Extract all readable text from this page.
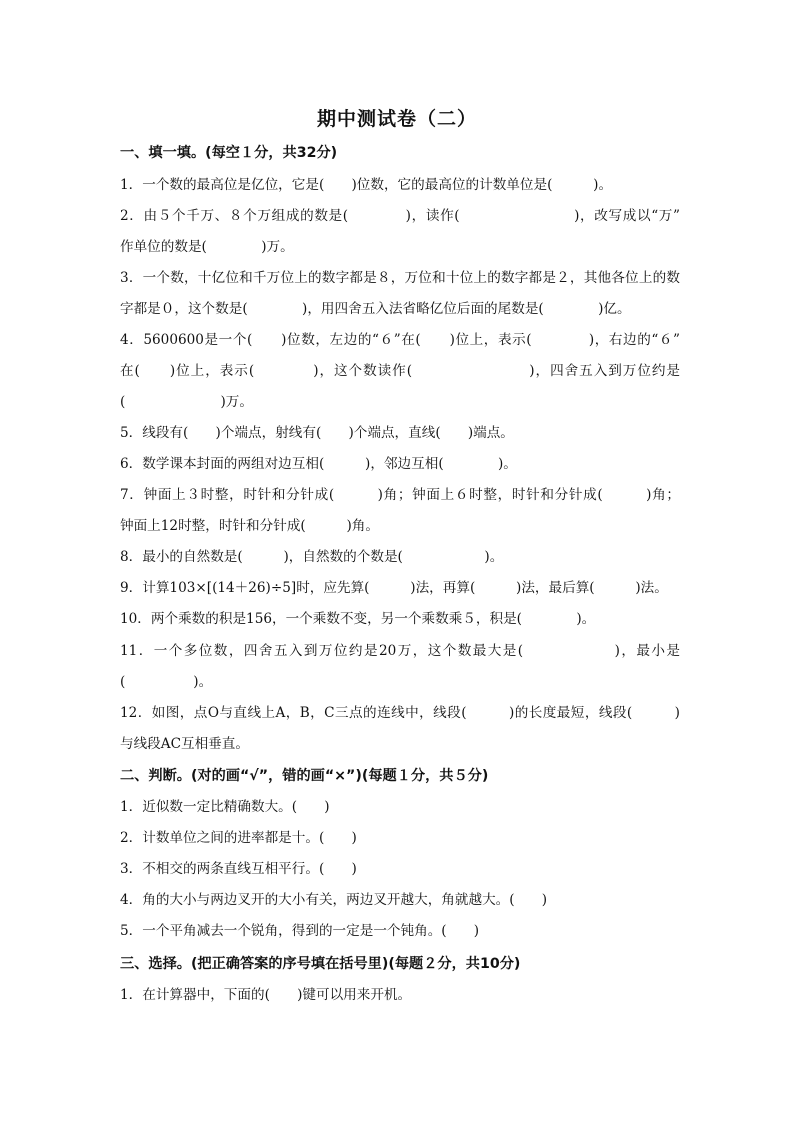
期中测试卷（二）
一、填一填。(每空１分，共32分)
1．一个数的最高位是亿位，它是(　　)位数，它的最高位的计数单位是(　　　)。
2．由５个千万、８个万组成的数是(　　　　)，读作(　　　　　　　　)，改写成以“万”
作单位的数是(　　　　)万。
3．一个数，十亿位和千万位上的数字都是８，万位和十位上的数字都是２，其他各位上的数
字都是０，这个数是(　　　　)，用四舍五入法省略亿位后面的尾数是(　　　　)亿。
4．5600600是一个(　　)位数，左边的“６”在(　　)位上，表示(　　　　)，右边的“６”
在(　　)位上，表示(　　　　)，这个数读作(　　　　　　　　)，四舍五入到万位约是
(　　　　　　　)万。
5．线段有(　　)个端点，射线有(　　)个端点，直线(　　)端点。
6．数学课本封面的两组对边互相(　　　)，邻边互相(　　　　)。
7．钟面上３时整，时针和分针成(　　　)角；钟面上６时整，时针和分针成(　　　)角；
钟面上12时整，时针和分针成(　　　)角。
8．最小的自然数是(　　　)，自然数的个数是(　　　　　　)。
9．计算103×[(14＋26)÷5]时，应先算(　　　)法，再算(　　　)法，最后算(　　　)法。
10．两个乘数的积是156，一个乘数不变，另一个乘数乘５，积是(　　　　)。
11．一个多位数，四舍五入到万位约是20万，这个数最大是(　　　　　　)，最小是
(　　　　　)。
12．如图，点O与直线上A，B，C三点的连线中，线段(　　　)的长度最短，线段(　　　)
与线段AC互相垂直。
二、判断。(对的画“√”，错的画“×”)(每题１分，共５分)
1．近似数一定比精确数大。(　　)
2．计数单位之间的进率都是十。(　　)
3．不相交的两条直线互相平行。(　　)
4．角的大小与两边叉开的大小有关，两边叉开越大，角就越大。(　　)
5．一个平角减去一个锐角，得到的一定是一个钝角。(　　)
三、选择。(把正确答案的序号填在括号里)(每题２分，共10分)
1．在计算器中，下面的(　　)键可以用来开机。
